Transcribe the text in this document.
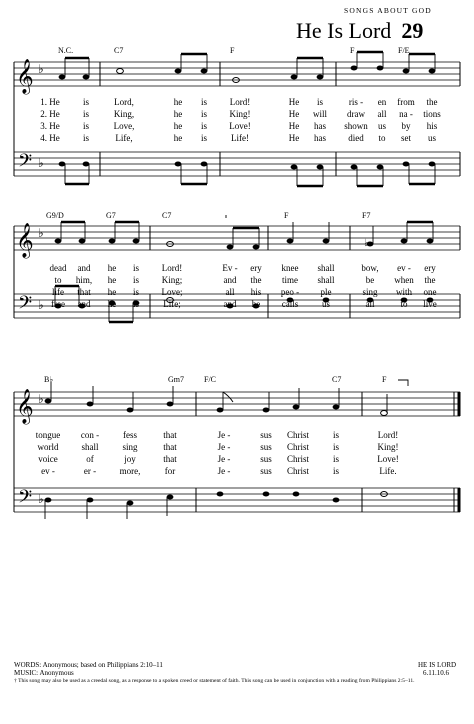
SONGS ABOUT GOD
He Is Lord 29
N.C.	C7	F	F	F/E
𝄞
𝄢
♭
♭
1. He	is	Lord,	he is	Lord!	He is	ris - en from the
2. He	is	King,	he is King!	He will draw all na - tions
3. He	is	Love,	he is Love!	He has shown us by his
4. He	is	Life,	he is	Life!	He has died to set us
G9/D	G7	C7	F	F7
𝄞
𝄢
♭
♭
♭
dead and he is	Lord!	Ev - ery knee shall	bow, ev - ery
to him, he is	King;	and the time shall	be when the
life that he is Love;	all his peo - ple	sing with one
free and he is	Life;	and he calls	us	all	to live
B♭	Gm7	F/C	C7	F
𝄞
𝄢
♭
♭
tongue con -	fess	that	Je -	sus Christ	is	Lord!
world	shall	sing	that	Je -	sus Christ	is	King!
voice	of	joy	that	Je -	sus Christ	is	Love!
ev -	er -	more,	for	Je -	sus Christ	is	Life.
WORDS: Anonymous; based on Philippians 2:10–11
MUSIC: Anonymous
HE IS LORD
6.11.10.6
† This song may also be used as a creedal song, as a response to a spoken creed or statement of faith. This song can be used in conjunction with a reading from Philippians 2:5–11.
